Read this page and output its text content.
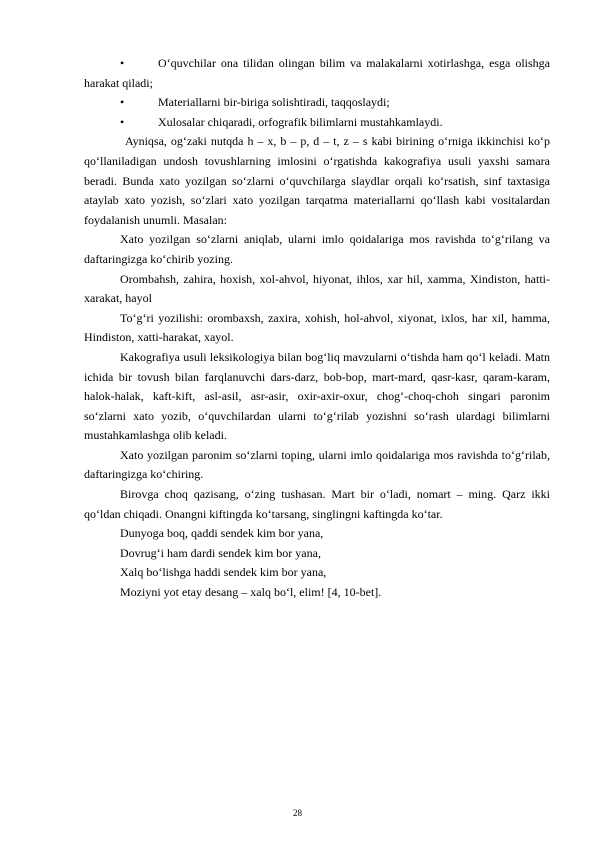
•	O‘quvchilar ona tilidan olingan bilim va malakalarni xotirlashga, esga olishga harakat qiladi;

•	Materiallarni bir-biriga solishtiradi, taqqoslaydi;

•	Xulosalar chiqaradi, orfografik bilimlarni mustahkamlaydi.

Ayniqsa, og‘zaki nutqda h – x, b – p, d – t, z – s kabi birining o‘rniga ikkinchisi ko‘p qo‘llaniladigan undosh tovushlarning imlosini o‘rgatishda kakografiya usuli yaxshi samara beradi. Bunda xato yozilgan so‘zlarni o‘quvchilarga slaydlar orqali ko‘rsatish, sinf taxtasiga ataylab xato yozish, so‘zlari xato yozilgan tarqatma materiallarni qo‘llash kabi vositalardan foydalanish unumli. Masalan:

Xato yozilgan so‘zlarni aniqlab, ularni imlo qoidalariga mos ravishda to‘g‘rilang va daftaringizga ko‘chirib yozing.

Orombahsh, zahira, hoxish, xol-ahvol, hiyonat, ihlos, xar hil, xamma, Xindiston, hatti-xarakat, hayol

To‘g‘ri yozilishi: orombaxsh, zaxira, xohish, hol-ahvol, xiyonat, ixlos, har xil, hamma, Hindiston, xatti-harakat, xayol.

Kakografiya usuli leksikologiya bilan bog‘liq mavzularni o‘tishda ham qo‘l keladi. Matn ichida bir tovush bilan farqlanuvchi dars-darz, bob-bop, mart-mard, qasr-kasr, qaram-karam, halok-halak, kaft-kift, asl-asil, asr-asir, oxir-axir-oxur, chog‘-choq-choh singari paronim so‘zlarni xato yozib, o‘quvchilardan ularni to‘g‘rilab yozishni so‘rash ulardagi bilimlarni mustahkamlashga olib keladi.

Xato yozilgan paronim so‘zlarni toping, ularni imlo qoidalariga mos ravishda to‘g‘rilab, daftaringizga ko‘chiring.

Birovga choq qazisang, o‘zing tushasan. Mart bir o‘ladi, nomart – ming. Qarz ikki qo‘ldan chiqadi. Onangni kiftingda ko‘tarsang, singlingni kaftingda ko‘tar.

Dunyoga boq, qaddi sendek kim bor yana,
Dovrug‘i ham dardi sendek kim bor yana,
Xalq bo‘lishga haddi sendek kim bor yana,
Moziyni yot etay desang – xalq bo‘l, elim! [4, 10-bet].
28
